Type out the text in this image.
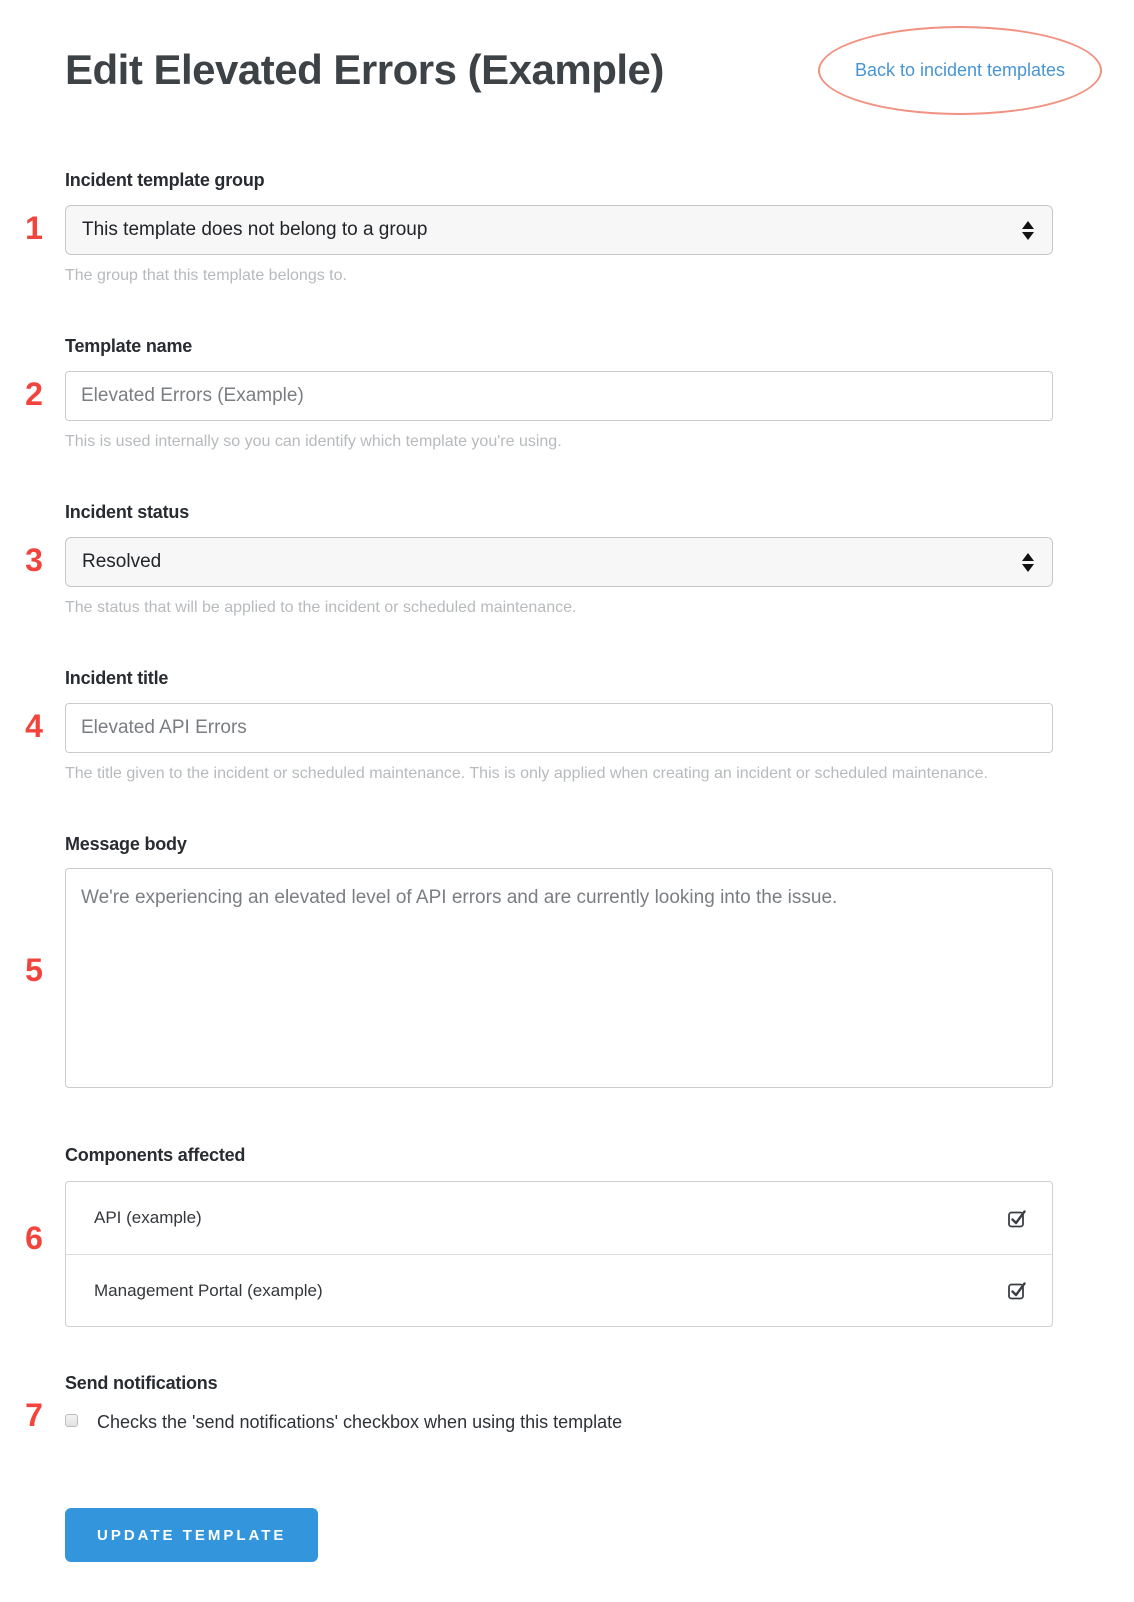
Edit Elevated Errors (Example)	Back to incident templates
1
Incident template group
This template does not belong to a group

The group that this template belongs to.

2
Template name
Elevated Errors (Example)

This is used internally so you can identify which template you're using.

3
Incident status
Resolved

The status that will be applied to the incident or scheduled maintenance.

4
Incident title
Elevated API Errors

The title given to the incident or scheduled maintenance. This is only applied when creating an incident or scheduled maintenance.

5
Message body
We're experiencing an elevated level of API errors and are currently looking into the issue.
6
Components affected
API (example)
Management Portal (example)
7
Send notifications
Checks the 'send notifications' checkbox when using this template
UPDATE TEMPLATE
